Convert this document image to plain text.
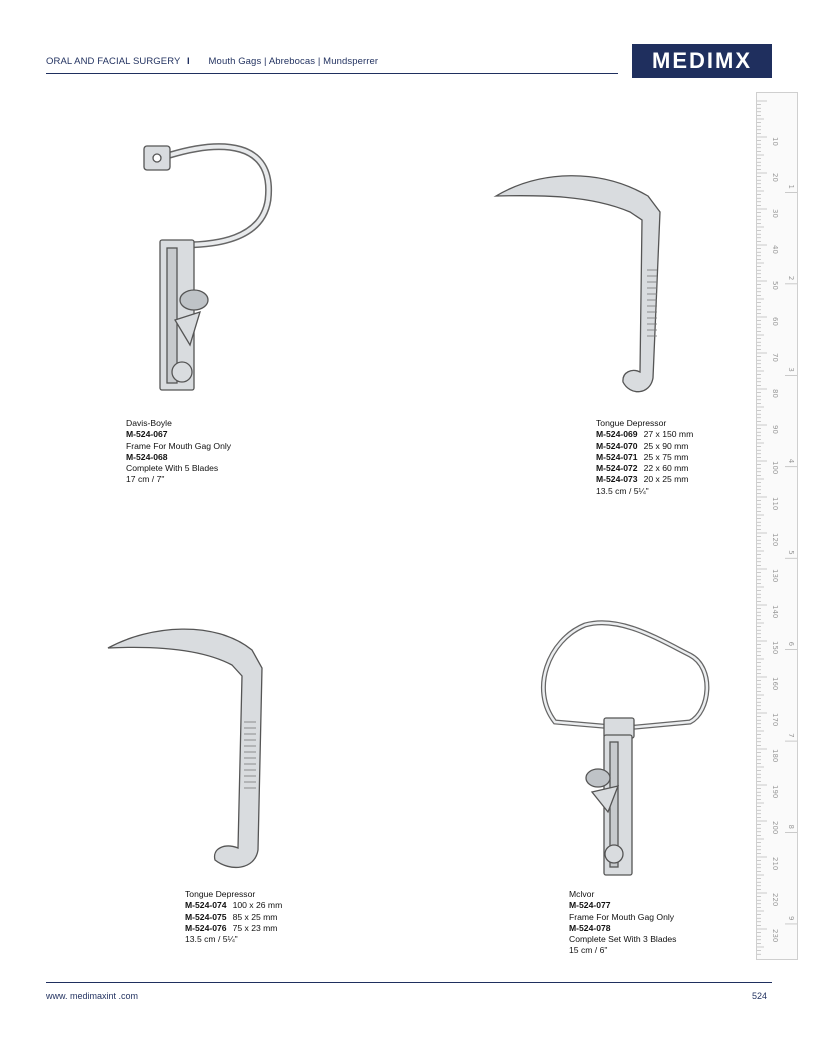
ORAL AND FACIAL SURGERY I Mouth Gags | Abrebocas | Mundsperrer	MEDIMX
10
20
30
40
50
60
70
80
90
100
110
120
130
140
150
160
170
180
190
200
210
220
230
1
2
3
4
5
6
7
8
9
Davis-Boyle
M-524-067
Frame For Mouth Gag Only
M-524-068
Complete With 5 Blades
17 cm / 7"
Tongue Depressor
M-524-069 27 x 150 mm
M-524-070 25 x 90 mm
M-524-071 25 x 75 mm
M-524-072 22 x 60 mm
M-524-073 20 x 25 mm
13.5 cm / 5¼"
Tongue Depressor
M-524-074 100 x 26 mm
M-524-075 85 x 25 mm
M-524-076 75 x 23 mm
13.5 cm / 5¼"
Mclvor
M-524-077
Frame For Mouth Gag Only
M-524-078
Complete Set With 3 Blades
15 cm / 6"
www. medimaxint .com	524
